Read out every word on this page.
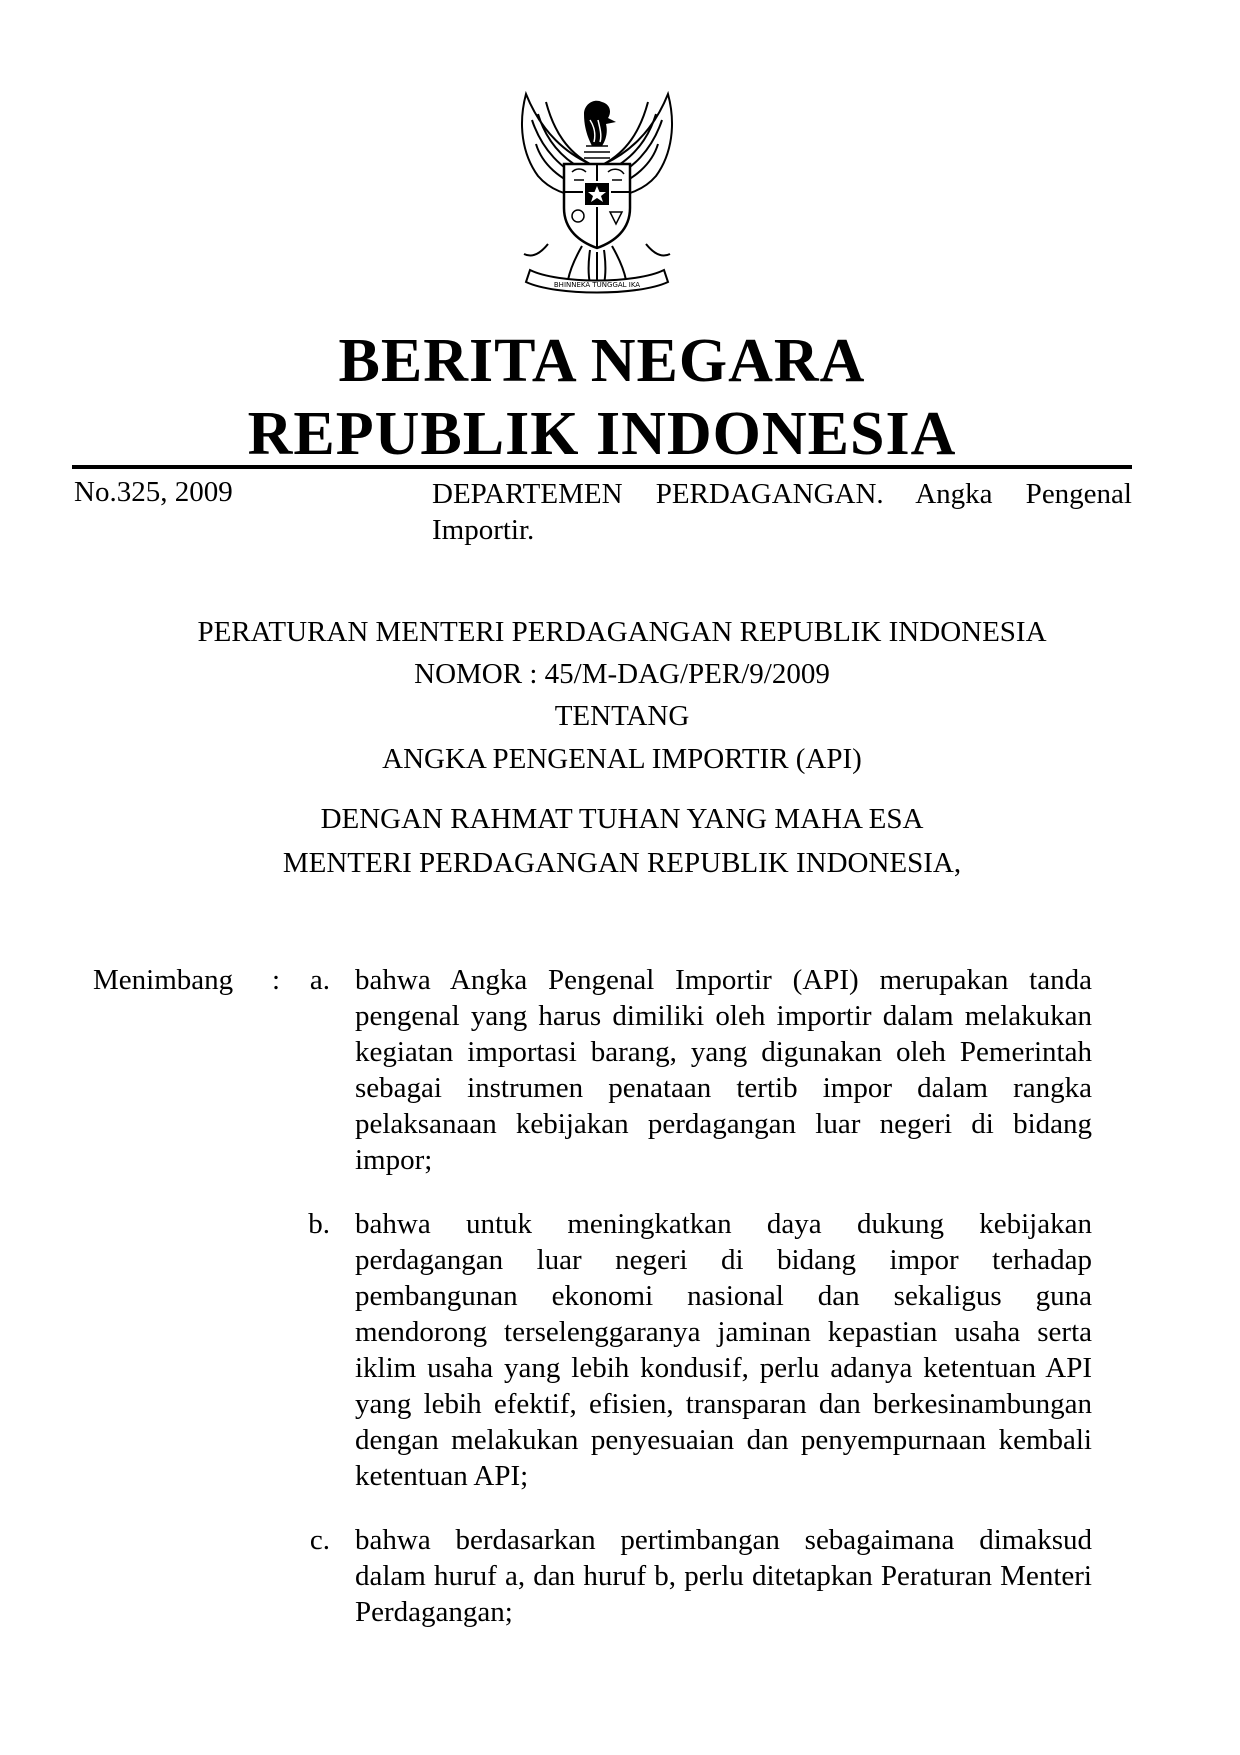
BHINNEKA TUNGGAL IKA
BERITA NEGARA
REPUBLIK INDONESIA
No.325, 2009	DEPARTEMEN PERDAGANGAN. Angka Pengenal Importir.
PERATURAN MENTERI PERDAGANGAN REPUBLIK INDONESIA
NOMOR : 45/M-DAG/PER/9/2009
TENTANG
ANGKA PENGENAL IMPORTIR (API)
DENGAN RAHMAT TUHAN YANG MAHA ESA
MENTERI PERDAGANGAN REPUBLIK INDONESIA,
Menimbang :	a. bahwa Angka Pengenal Importir (API) merupakan tanda pengenal yang harus dimiliki oleh importir dalam melakukan kegiatan importasi barang, yang digunakan oleh Pemerintah sebagai instrumen penataan tertib impor dalam rangka pelaksanaan kebijakan perdagangan luar negeri di bidang impor;
b. bahwa untuk meningkatkan daya dukung kebijakan perdagangan luar negeri di bidang impor terhadap pembangunan ekonomi nasional dan sekaligus guna mendorong terselenggaranya jaminan kepastian usaha serta iklim usaha yang lebih kondusif, perlu adanya ketentuan API yang lebih efektif, efisien, transparan dan berkesinambungan dengan melakukan penyesuaian dan penyempurnaan kembali ketentuan API;
c. bahwa berdasarkan pertimbangan sebagaimana dimaksud dalam huruf a, dan huruf b, perlu ditetapkan Peraturan Menteri Perdagangan;
